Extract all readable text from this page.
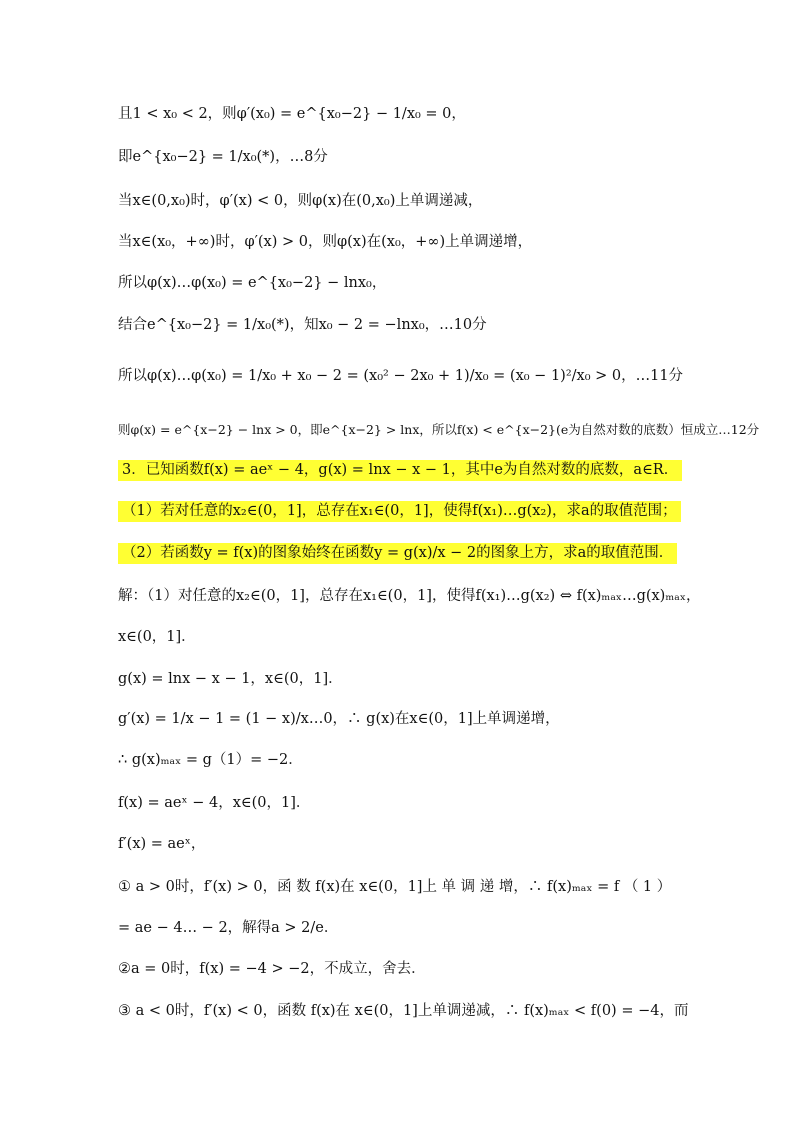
且1 < x₀ < 2，则φ′(x₀) = e^{x₀−2} − 1/x₀ = 0，
即e^{x₀−2} = 1/x₀(*)，…8分
当x∈(0,x₀)时，φ′(x) < 0，则φ(x)在(0,x₀)上单调递减，
当x∈(x₀，+∞)时，φ′(x) > 0，则φ(x)在(x₀，+∞)上单调递增，
所以φ(x)…φ(x₀) = e^{x₀−2} − lnx₀，
结合e^{x₀−2} = 1/x₀(*)，知x₀ − 2 = −lnx₀，…10分
所以φ(x)…φ(x₀) = 1/x₀ + x₀ − 2 = (x₀² − 2x₀ + 1)/x₀ = (x₀ − 1)²/x₀ > 0，…11分
则φ(x) = e^{x−2} − lnx > 0，即e^{x−2} > lnx，所以f(x) < e^{x−2}(e为自然对数的底数）恒成立…12分
3．已知函数f(x) = aeˣ − 4，g(x) = lnx − x − 1，其中e为自然对数的底数，a∈R．
（1）若对任意的x₂∈(0，1]，总存在x₁∈(0，1]，使得f(x₁)…g(x₂)，求a的取值范围；
（2）若函数y = f(x)的图象始终在函数y = g(x)/x − 2的图象上方，求a的取值范围．
解：（1）对任意的x₂∈(0，1]，总存在x₁∈(0，1]，使得f(x₁)…g(x₂) ⇔ f(x)ₘₐₓ…g(x)ₘₐₓ，
x∈(0，1]．
g(x) = lnx − x − 1，x∈(0，1]．
g′(x) = 1/x − 1 = (1 − x)/x…0，∴ g(x)在x∈(0，1]上单调递增，
∴ g(x)ₘₐₓ = g（1）= −2．
f(x) = aeˣ − 4，x∈(0，1]．
f′(x) = aeˣ，
① a > 0时，f′(x) > 0，函 数 f(x)在 x∈(0，1]上 单 调 递 增，∴ f(x)ₘₐₓ = f （ 1 ）
= ae − 4… − 2，解得a > 2/e．
②a = 0时，f(x) = −4 > −2，不成立，舍去．
③ a < 0时，f′(x) < 0，函数 f(x)在 x∈(0，1]上单调递减，∴ f(x)ₘₐₓ < f(0) = −4，而
